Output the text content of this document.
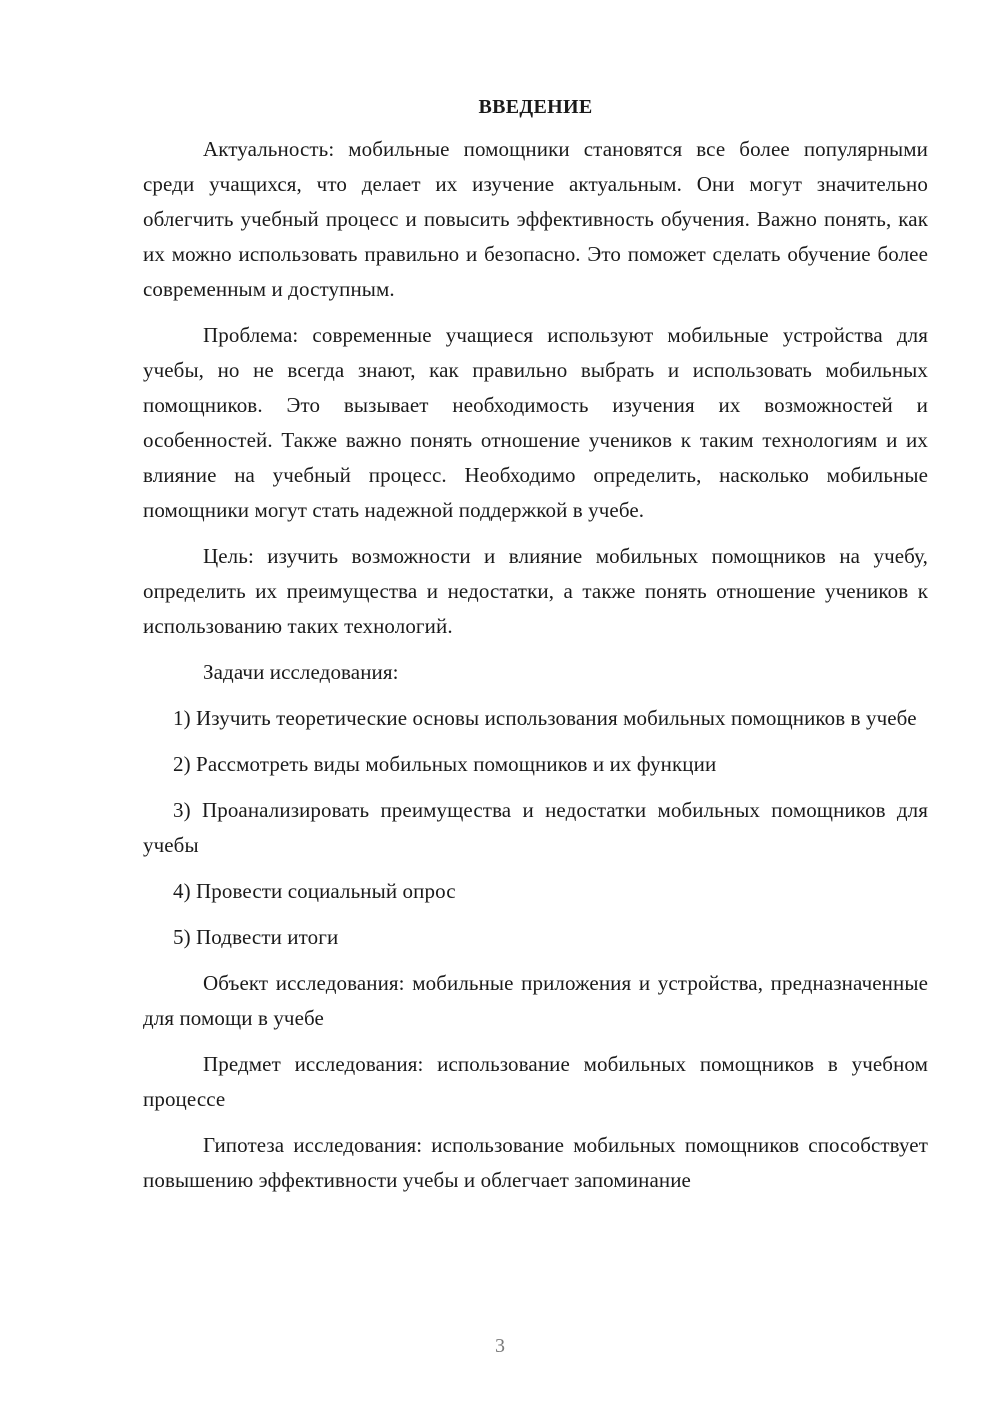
ВВЕДЕНИЕ

Актуальность: мобильные помощники становятся все более популярными среди учащихся, что делает их изучение актуальным. Они могут значительно облегчить учебный процесс и повысить эффективность обучения. Важно понять, как их можно использовать правильно и безопасно. Это поможет сделать обучение более современным и доступным.

Проблема: современные учащиеся используют мобильные устройства для учебы, но не всегда знают, как правильно выбрать и использовать мобильных помощников. Это вызывает необходимость изучения их возможностей и особенностей. Также важно понять отношение учеников к таким технологиям и их влияние на учебный процесс. Необходимо определить, насколько мобильные помощники могут стать надежной поддержкой в учебе.

Цель: изучить возможности и влияние мобильных помощников на учебу, определить их преимущества и недостатки, а также понять отношение учеников к использованию таких технологий.

Задачи исследования:

1) Изучить теоретические основы использования мобильных помощников в учебе

2) Рассмотреть виды мобильных помощников и их функции

3) Проанализировать преимущества и недостатки мобильных помощников для учебы

4) Провести социальный опрос

5) Подвести итоги

Объект исследования: мобильные приложения и устройства, предназначенные для помощи в учебе

Предмет исследования: использование мобильных помощников в учебном процессе

Гипотеза исследования: использование мобильных помощников способствует повышению эффективности учебы и облегчает запоминание

3
